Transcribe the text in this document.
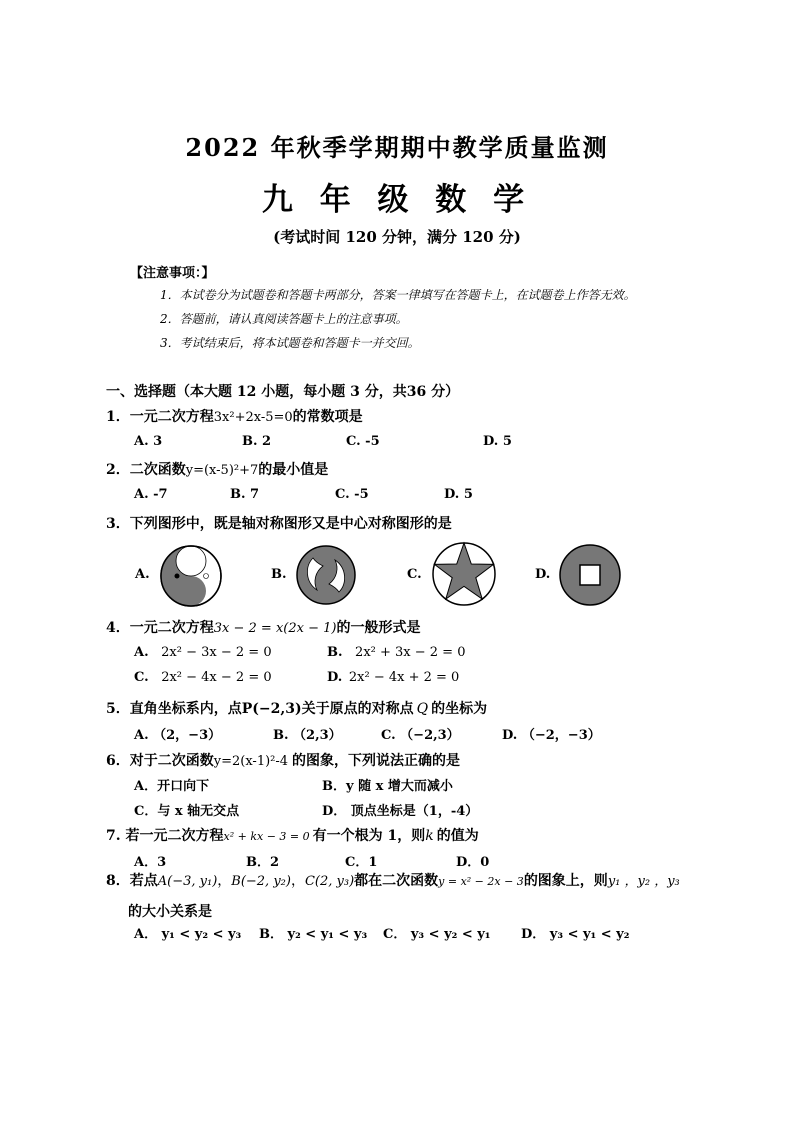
2022 年秋季学期期中教学质量监测
九 年 级 数 学
(考试时间 120 分钟，满分 120 分)
【注意事项：】
1．本试卷分为试题卷和答题卡两部分，答案一律填写在答题卡上，在试题卷上作答无效。
2．答题前，请认真阅读答题卡上的注意事项。
3．考试结束后，将本试题卷和答题卡一并交回。
一、选择题（本大题 12 小题，每小题 3 分，共36 分）
1．一元二次方程3x²+2x-5=0的常数项是
A. 3	B. 2	C. -5	D. 5
2．二次函数y=(x-5)²+7的最小值是
A. -7	B. 7	C. -5	D. 5
3．下列图形中，既是轴对称图形又是中心对称图形的是
A.	B.	C.	D.
4．一元二次方程3x − 2 = x(2x − 1)的一般形式是
A. 2x² − 3x − 2 = 0	B. 2x² + 3x − 2 = 0
C. 2x² − 4x − 2 = 0	D. 2x² − 4x + 2 = 0
5．直角坐标系内，点P(−2,3)关于原点的对称点 Q 的坐标为
A. （2，−3）	B. （2,3）	C. （−2,3）	D. （−2，−3）
6．对于二次函数y=2(x-1)²-4 的图象，下列说法正确的是
A．开口向下	B．y 随 x 增大而减小
C．与 x 轴无交点	D． 顶点坐标是（1，-4）
7. 若一元二次方程x² + kx − 3 = 0 有一个根为 1，则k 的值为
A．3	B．2	C．1	D．0
8．若点A(−3, y₁)，B(−2, y₂)，C(2, y₃)都在二次函数y = x² − 2x − 3的图象上，则y₁ ，y₂ ，y₃
的大小关系是
A． y₁ < y₂ < y₃ B． y₂ < y₁ < y₃ C． y₃ < y₂ < y₁ D． y₃ < y₁ < y₂
